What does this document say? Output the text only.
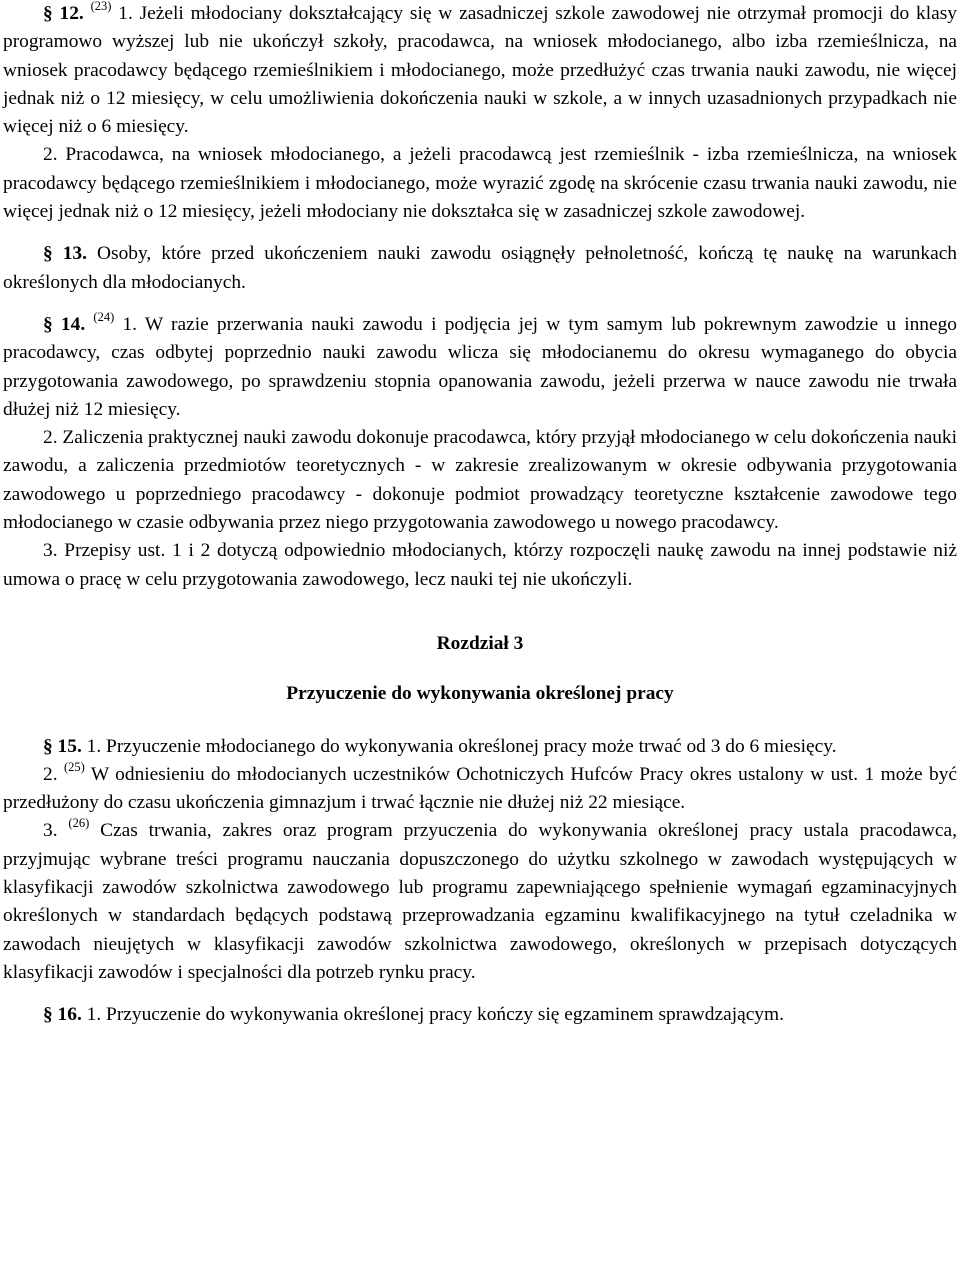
§ 12. $^{(23)}$ 1. Jeżeli młodociany dokształcający się w zasadniczej szkole zawodowej nie otrzymał promocji do klasy programowo wyższej lub nie ukończył szkoły, pracodawca, na wniosek młodocianego, albo izba rzemieślnicza, na wniosek pracodawcy będącego rzemieślnikiem i młodocianego, może przedłużyć czas trwania nauki zawodu, nie więcej jednak niż o 12 miesięcy, w celu umożliwienia dokończenia nauki w szkole, a w innych uzasadnionych przypadkach nie więcej niż o 6 miesięcy.

2. Pracodawca, na wniosek młodocianego, a jeżeli pracodawcą jest rzemieślnik - izba rzemieślnicza, na wniosek pracodawcy będącego rzemieślnikiem i młodocianego, może wyrazić zgodę na skrócenie czasu trwania nauki zawodu, nie więcej jednak niż o 12 miesięcy, jeżeli młodociany nie dokształca się w zasadniczej szkole zawodowej.

§ 13. Osoby, które przed ukończeniem nauki zawodu osiągnęły pełnoletność, kończą tę naukę na warunkach określonych dla młodocianych.

§ 14. $^{(24)}$ 1. W razie przerwania nauki zawodu i podjęcia jej w tym samym lub pokrewnym zawodzie u innego pracodawcy, czas odbytej poprzednio nauki zawodu wlicza się młodocianemu do okresu wymaganego do obycia przygotowania zawodowego, po sprawdzeniu stopnia opanowania zawodu, jeżeli przerwa w nauce zawodu nie trwała dłużej niż 12 miesięcy.

2. Zaliczenia praktycznej nauki zawodu dokonuje pracodawca, który przyjął młodocianego w celu dokończenia nauki zawodu, a zaliczenia przedmiotów teoretycznych - w zakresie zrealizowanym w okresie odbywania przygotowania zawodowego u poprzedniego pracodawcy - dokonuje podmiot prowadzący teoretyczne kształcenie zawodowe tego młodocianego w czasie odbywania przez niego przygotowania zawodowego u nowego pracodawcy.

3. Przepisy ust. 1 i 2 dotyczą odpowiednio młodocianych, którzy rozpoczęli naukę zawodu na innej podstawie niż umowa o pracę w celu przygotowania zawodowego, lecz nauki tej nie ukończyli.

Rozdział 3

Przyuczenie do wykonywania określonej pracy

§ 15. 1. Przyuczenie młodocianego do wykonywania określonej pracy może trwać od 3 do 6 miesięcy.

2. $^{(25)}$ W odniesieniu do młodocianych uczestników Ochotniczych Hufców Pracy okres ustalony w ust. 1 może być przedłużony do czasu ukończenia gimnazjum i trwać łącznie nie dłużej niż 22 miesiące.

3. $^{(26)}$ Czas trwania, zakres oraz program przyuczenia do wykonywania określonej pracy ustala pracodawca, przyjmując wybrane treści programu nauczania dopuszczonego do użytku szkolnego w zawodach występujących w klasyfikacji zawodów szkolnictwa zawodowego lub programu zapewniającego spełnienie wymagań egzaminacyjnych określonych w standardach będących podstawą przeprowadzania egzaminu kwalifikacyjnego na tytuł czeladnika w zawodach nieujętych w klasyfikacji zawodów szkolnictwa zawodowego, określonych w przepisach dotyczących klasyfikacji zawodów i specjalności dla potrzeb rynku pracy.

§ 16. 1. Przyuczenie do wykonywania określonej pracy kończy się egzaminem sprawdzającym.
